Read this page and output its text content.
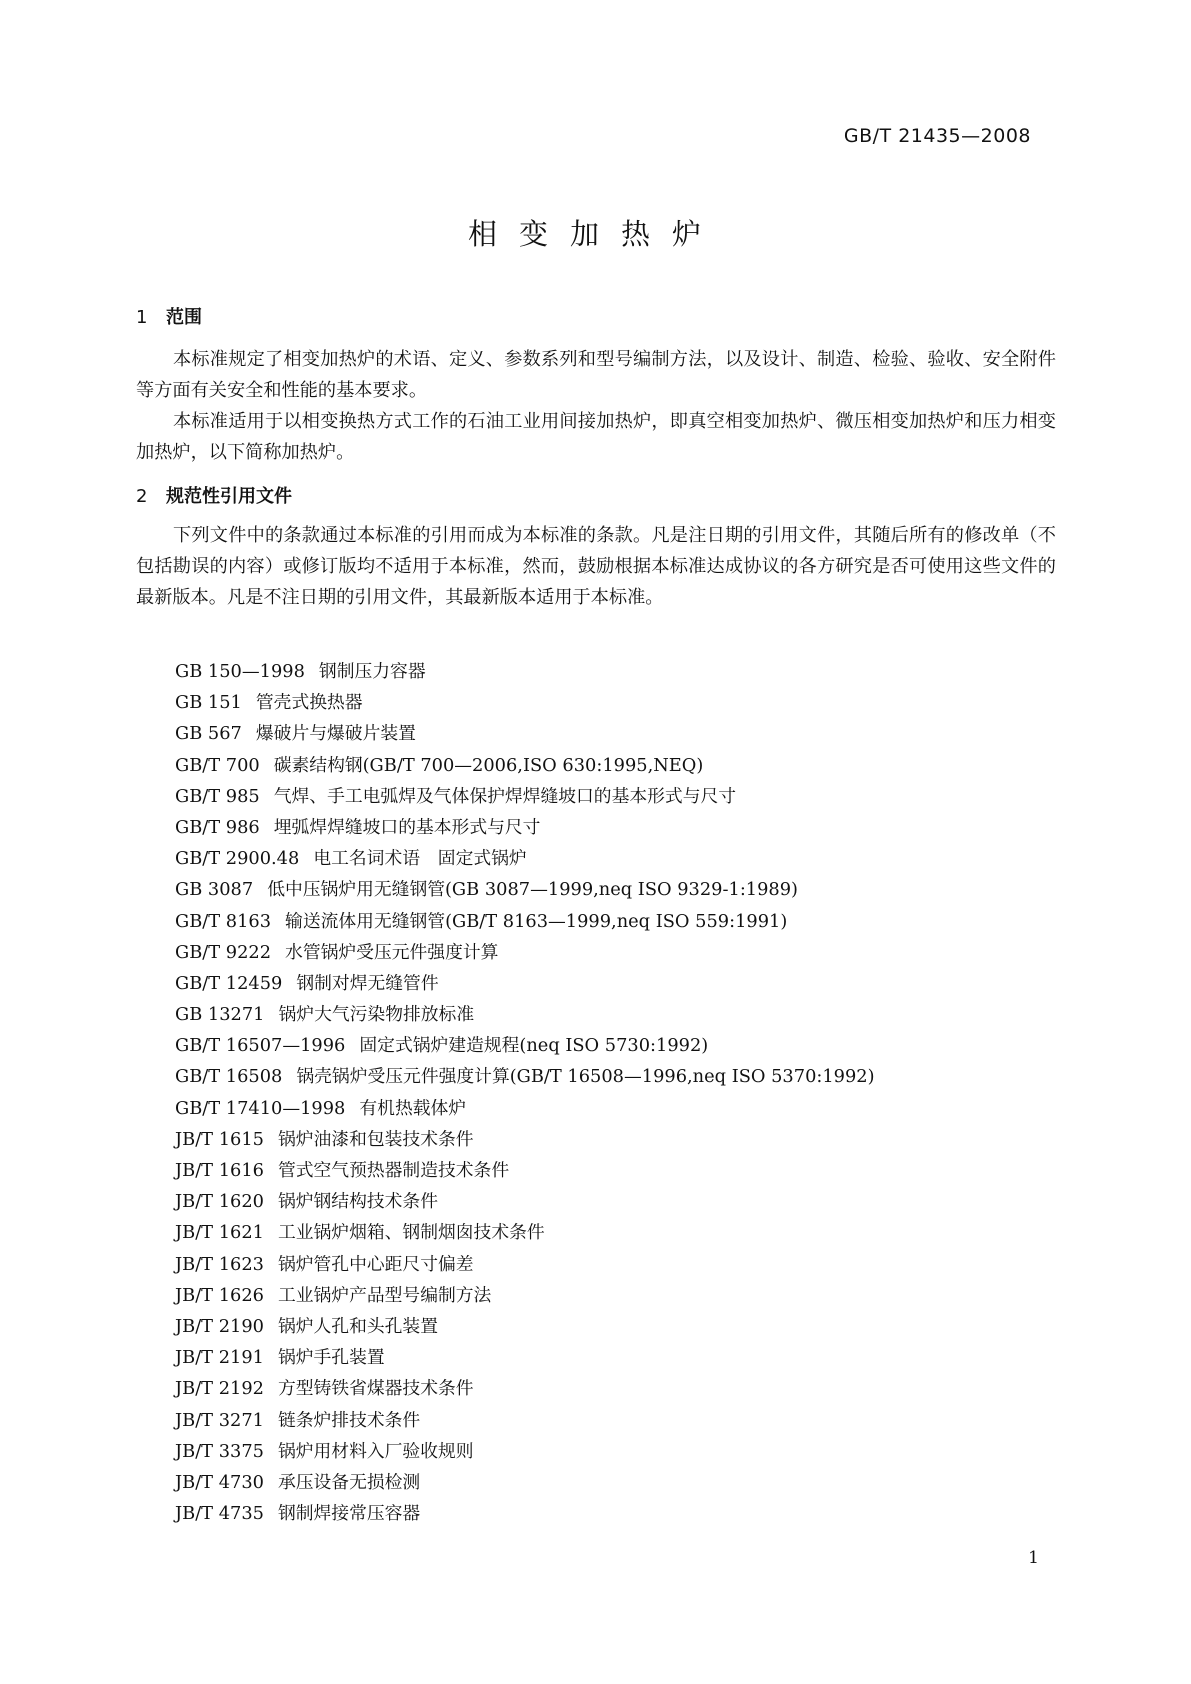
GB/T 21435—2008
相变加热炉
1 范围
本标准规定了相变加热炉的术语、定义、参数系列和型号编制方法，以及设计、制造、检验、验收、安全附件等方面有关安全和性能的基本要求。
本标准适用于以相变换热方式工作的石油工业用间接加热炉，即真空相变加热炉、微压相变加热炉和压力相变加热炉，以下简称加热炉。
2 规范性引用文件
下列文件中的条款通过本标准的引用而成为本标准的条款。凡是注日期的引用文件，其随后所有的修改单（不包括勘误的内容）或修订版均不适用于本标准，然而，鼓励根据本标准达成协议的各方研究是否可使用这些文件的最新版本。凡是不注日期的引用文件，其最新版本适用于本标准。
GB 150—1998 钢制压力容器
GB 151 管壳式换热器
GB 567 爆破片与爆破片装置
GB/T 700 碳素结构钢(GB/T 700—2006,ISO 630:1995,NEQ)
GB/T 985 气焊、手工电弧焊及气体保护焊焊缝坡口的基本形式与尺寸
GB/T 986 埋弧焊焊缝坡口的基本形式与尺寸
GB/T 2900.48 电工名词术语　固定式锅炉
GB 3087 低中压锅炉用无缝钢管(GB 3087—1999,neq ISO 9329-1:1989)
GB/T 8163 输送流体用无缝钢管(GB/T 8163—1999,neq ISO 559:1991)
GB/T 9222 水管锅炉受压元件强度计算
GB/T 12459 钢制对焊无缝管件
GB 13271 锅炉大气污染物排放标准
GB/T 16507—1996 固定式锅炉建造规程(neq ISO 5730:1992)
GB/T 16508 锅壳锅炉受压元件强度计算(GB/T 16508—1996,neq ISO 5370:1992)
GB/T 17410—1998 有机热载体炉
JB/T 1615 锅炉油漆和包装技术条件
JB/T 1616 管式空气预热器制造技术条件
JB/T 1620 锅炉钢结构技术条件
JB/T 1621 工业锅炉烟箱、钢制烟囱技术条件
JB/T 1623 锅炉管孔中心距尺寸偏差
JB/T 1626 工业锅炉产品型号编制方法
JB/T 2190 锅炉人孔和头孔装置
JB/T 2191 锅炉手孔装置
JB/T 2192 方型铸铁省煤器技术条件
JB/T 3271 链条炉排技术条件
JB/T 3375 锅炉用材料入厂验收规则
JB/T 4730 承压设备无损检测
JB/T 4735 钢制焊接常压容器
1
